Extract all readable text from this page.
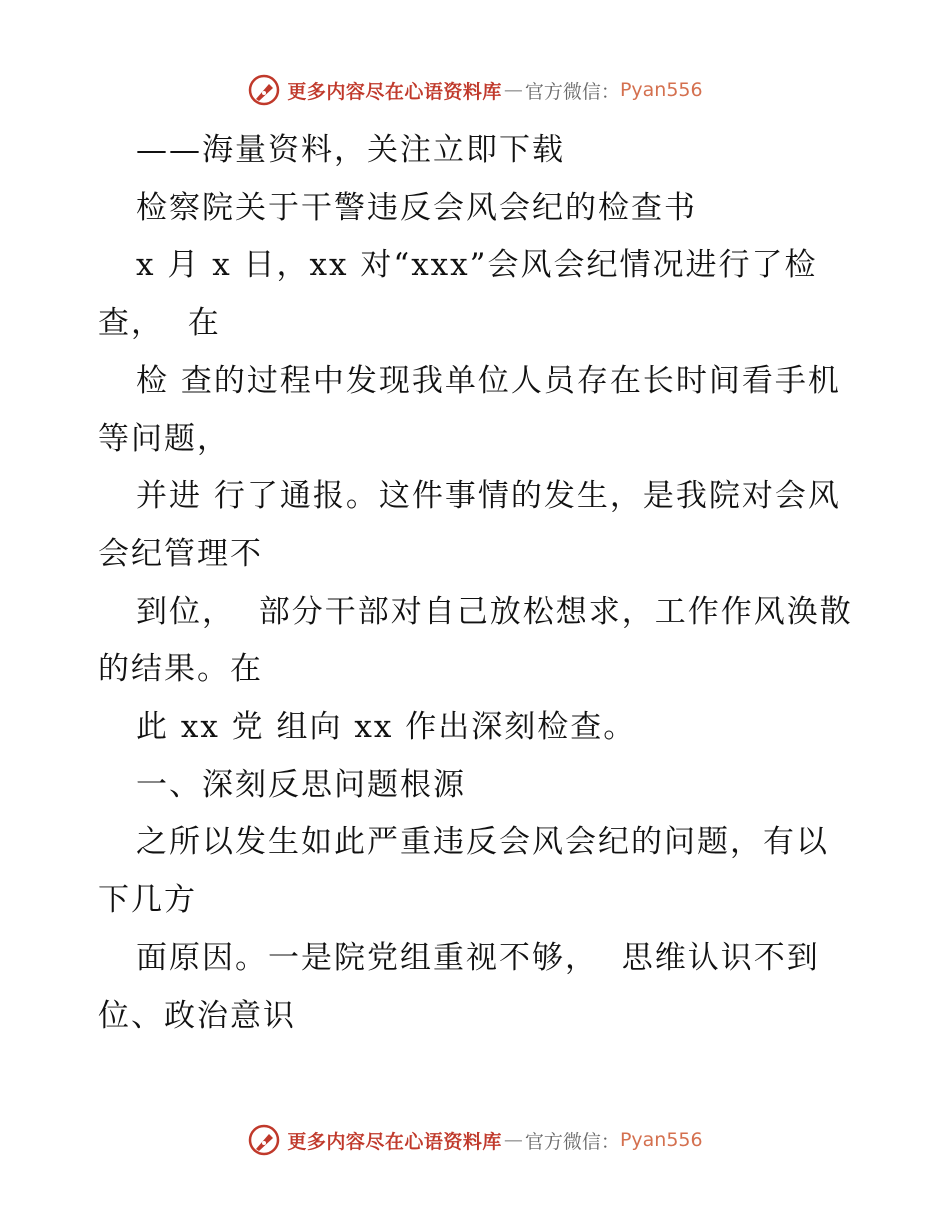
更多内容尽在心语资料库 — 官方微信： Pyan556

——海量资料，关注立即下载

检察院关于干警违反会风会纪的检查书

x 月 x 日，xx 对“xxx”会风会纪情况进行了检查，  在

检 查的过程中发现我单位人员存在长时间看手机等问题，

并进 行了通报。这件事情的发生，是我院对会风会纪管理不

到位，  部分干部对自己放松想求，工作作风涣散的结果。在

此 xx 党 组向 xx 作出深刻检查。

一、深刻反思问题根源

之所以发生如此严重违反会风会纪的问题，有以下几方

面原因。一是院党组重视不够，  思维认识不到位、政治意识

更多内容尽在心语资料库 — 官方微信： Pyan556
